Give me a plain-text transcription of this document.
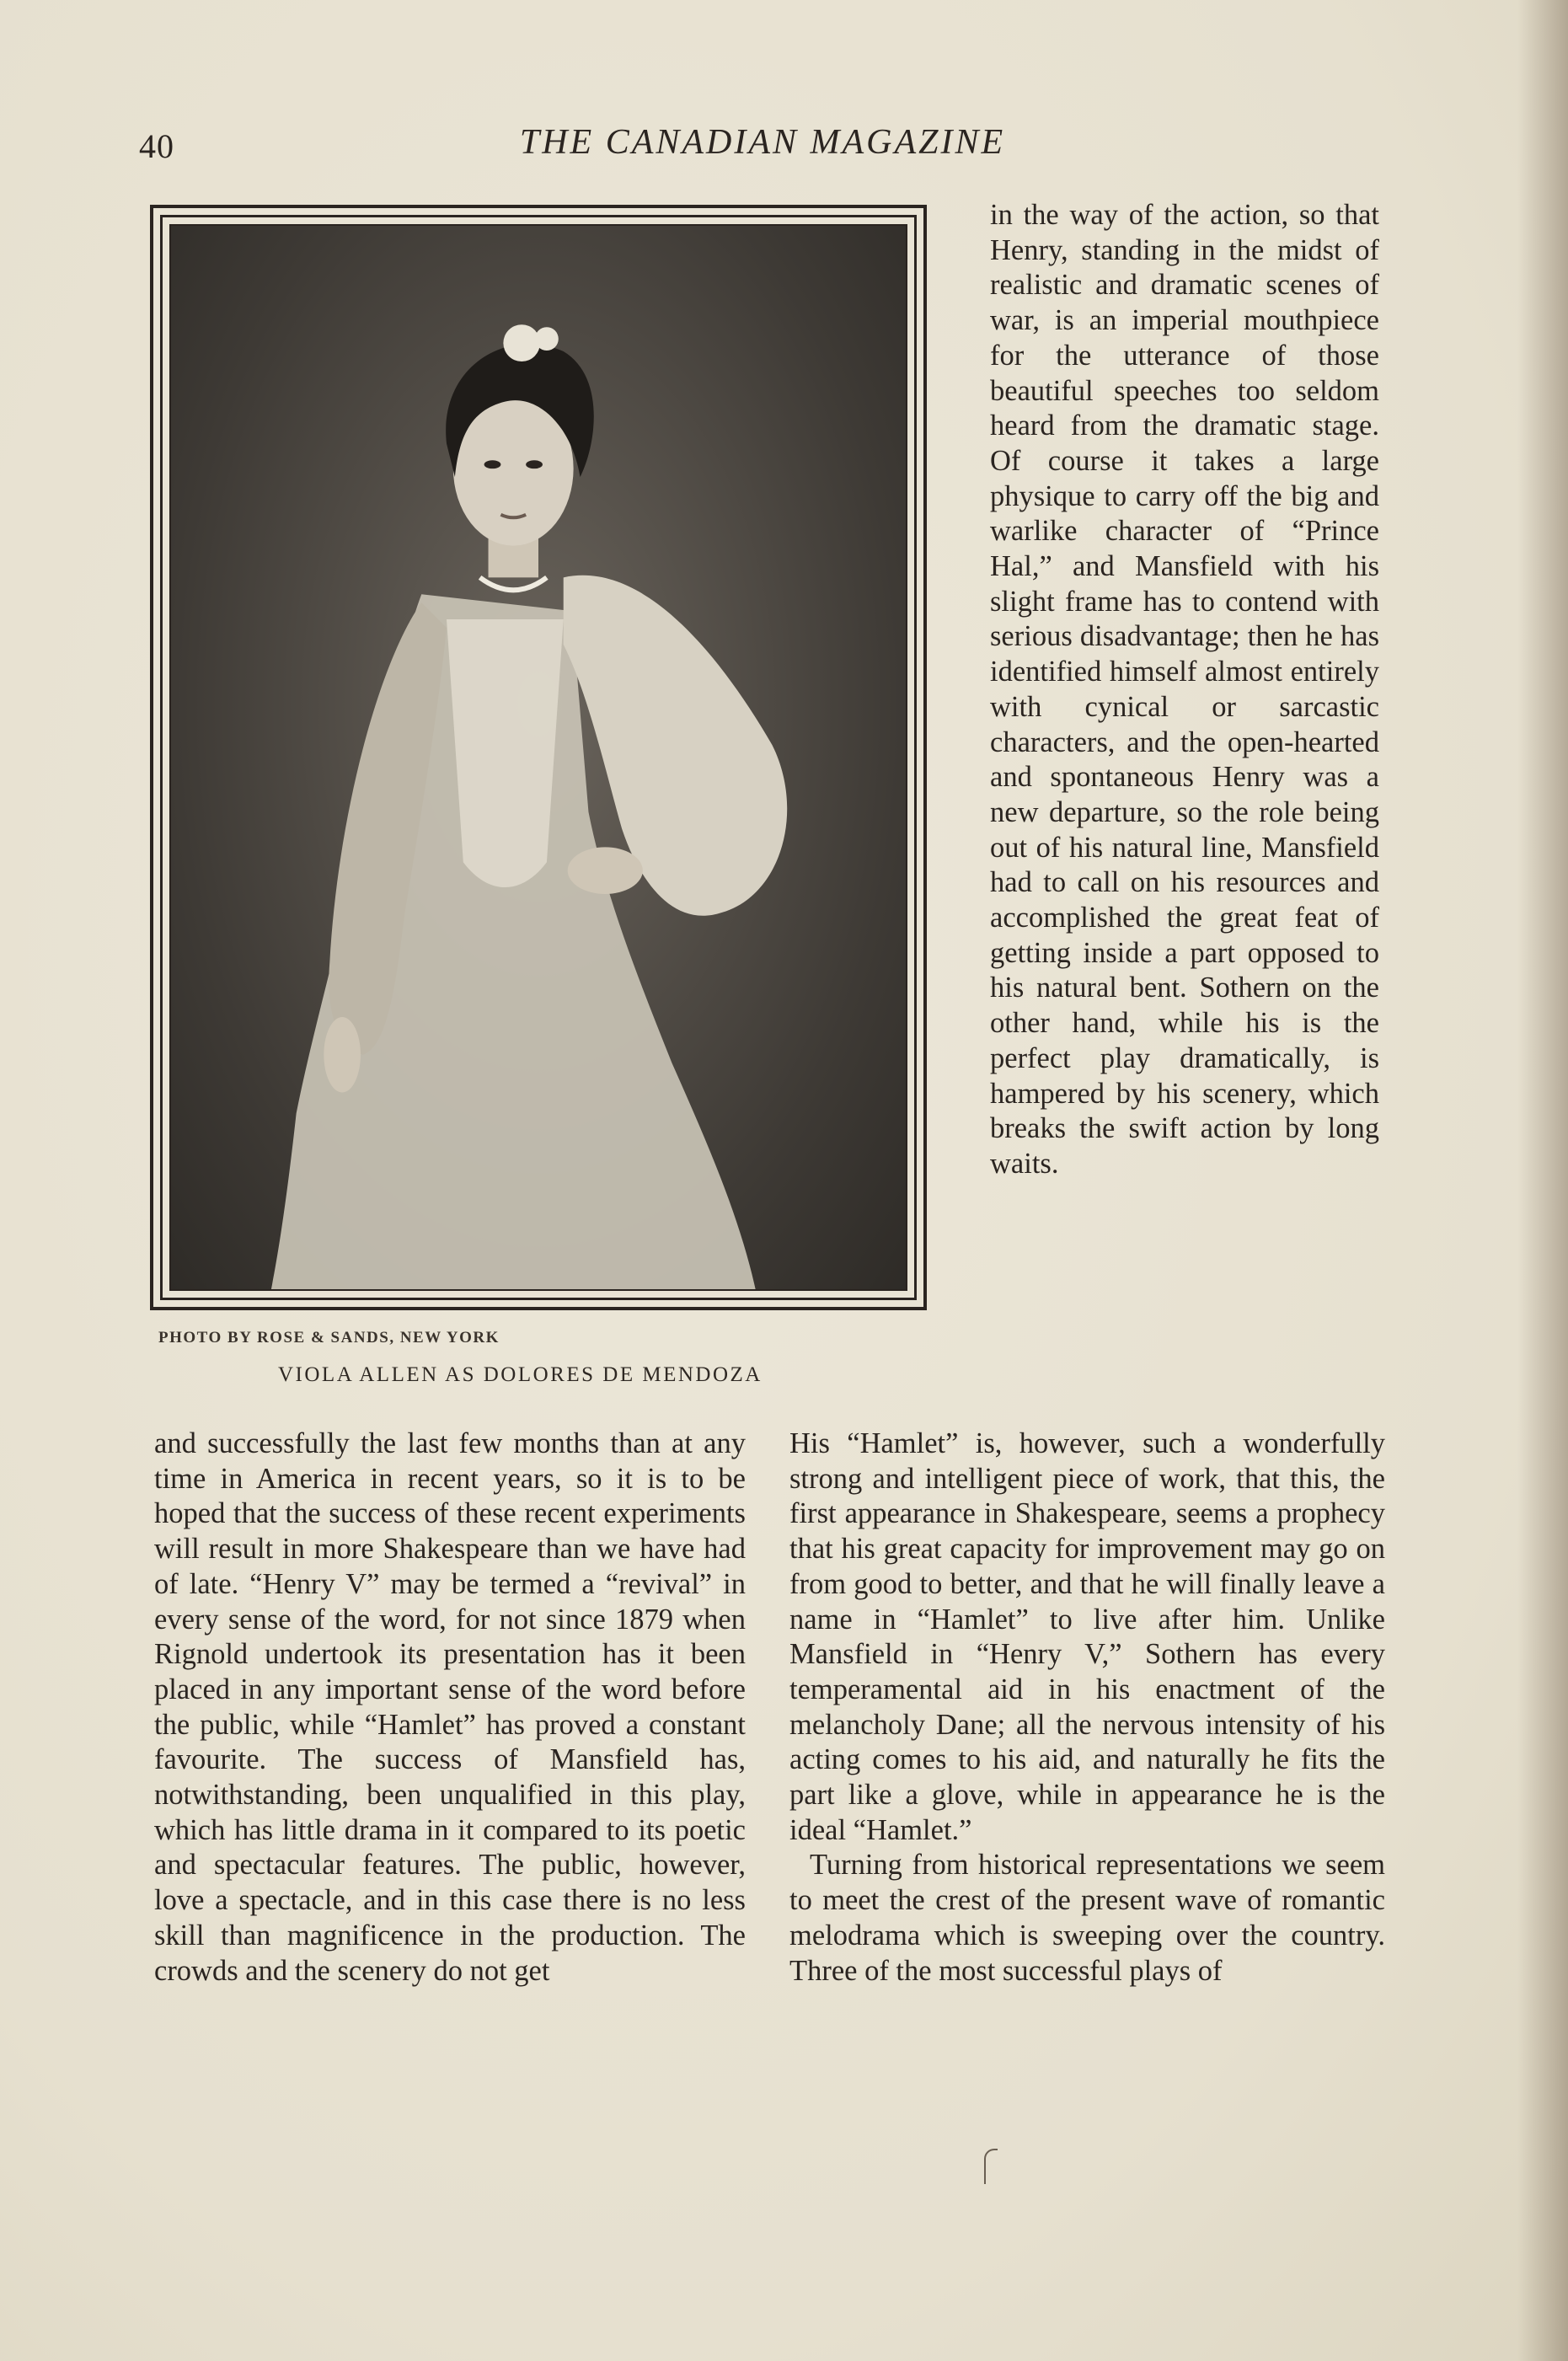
40	THE CANADIAN MAGAZINE
PHOTO BY ROSE & SANDS, NEW YORK
VIOLA ALLEN AS DOLORES DE MENDOZA

in the way of the action, so that Henry, standing in the midst of realistic and dramatic scenes of war, is an imperial mouthpiece for the utterance of those beautiful speeches too seldom heard from the dramatic stage. Of course it takes a large physique to carry off the big and warlike character of “Prince Hal,” and Mansfield with his slight frame has to contend with serious disadvantage; then he has identified himself almost entirely with cynical or sarcastic characters, and the open-hearted and spontaneous Henry was a new departure, so the role being out of his natural line, Mansfield had to call on his resources and accomplished the great feat of getting inside a part opposed to his natural bent. Sothern on the other hand, while his is the perfect play dramatically, is hampered by his scenery, which breaks the swift action by long waits.

and successfully the last few months than at any time in America in recent years, so it is to be hoped that the success of these recent experiments will result in more Shakespeare than we have had of late. “Henry V” may be termed a “revival” in every sense of the word, for not since 1879 when Rignold undertook its presentation has it been placed in any important sense of the word before the public, while “Hamlet” has proved a constant favourite. The success of Mansfield has, notwithstanding, been unqualified in this play, which has little drama in it compared to its poetic and spectacular features. The public, however, love a spectacle, and in this case there is no less skill than magnificence in the production. The crowds and the scenery do not get

His “Hamlet” is, however, such a wonderfully strong and intelligent piece of work, that this, the first appearance in Shakespeare, seems a prophecy that his great capacity for improvement may go on from good to better, and that he will finally leave a name in “Hamlet” to live after him. Unlike Mansfield in “Henry V,” Sothern has every temperamental aid in his enactment of the melancholy Dane; all the nervous intensity of his acting comes to his aid, and naturally he fits the part like a glove, while in appearance he is the ideal “Hamlet.”

Turning from historical representations we seem to meet the crest of the present wave of romantic melodrama which is sweeping over the country. Three of the most successful plays of
